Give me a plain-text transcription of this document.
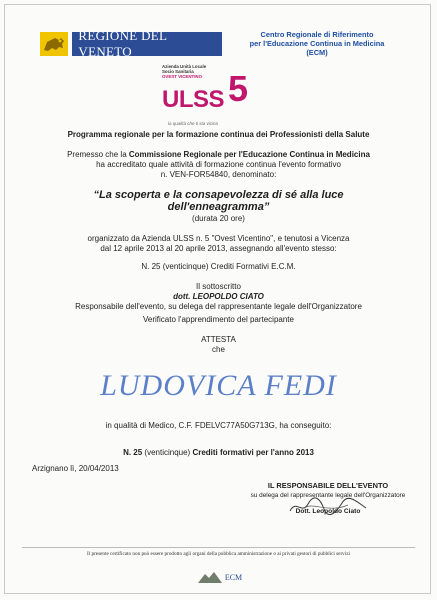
REGIONE DEL VENETO
Centro Regionale di Riferimento
per l'Educazione Continua in Medicina
(ECM)
Azienda Unità Locale
Socio Sanitaria
OVEST VICENTINO
ULSS 5
la qualità che ti sta vicina
Programma regionale per la formazione continua dei Professionisti della Salute
Premesso che la Commissione Regionale per l'Educazione Continua in Medicina
ha accreditato quale attività di formazione continua l'evento formativo
n. VEN-FOR54840, denominato:
“La scoperta e la consapevolezza di sé alla luce
dell'enneagramma”
(durata 20 ore)
organizzato da Azienda ULSS n. 5 "Ovest Vicentino", e tenutosi a Vicenza
dal 12 aprile 2013 al 20 aprile 2013, assegnando all'evento stesso:
N. 25 (venticinque) Crediti Formativi E.C.M.
Il sottoscritto
dott. LEOPOLDO CIATO
Responsabile dell'evento, su delega del rappresentante legale dell'Organizzatore
Verificato l'apprendimento del partecipante
ATTESTA
che
LUDOVICA FEDI
in qualità di Medico, C.F. FDELVC77A50G713G, ha conseguito:
N. 25 (venticinque) Crediti formativi per l'anno 2013
Arzignano lì, 20/04/2013
IL RESPONSABILE DELL'EVENTO
su delega del rappresentante legale dell'Organizzatore
Dott. Leopoldo Ciato
Il presente certificato non può essere prodotto agli organi della pubblica amministrazione o ai privati gestori di pubblici servizi
ECM
